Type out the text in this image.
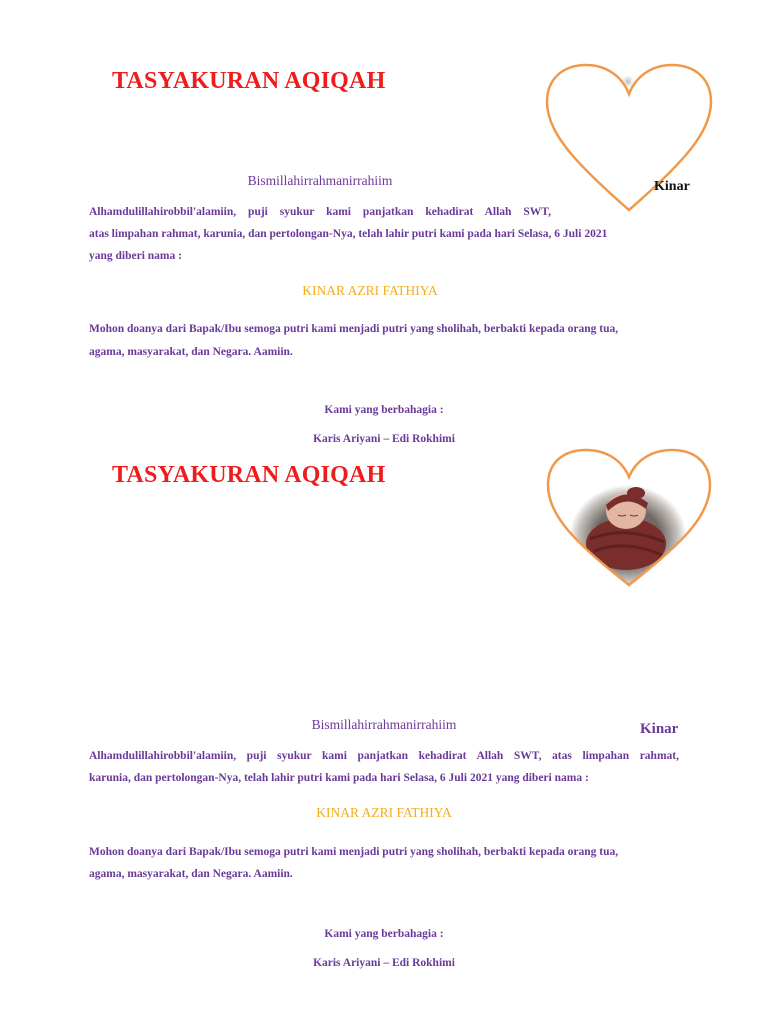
TASYAKURAN AQIQAH
Kinar
Bismillahirrahmanirrahiim
Alhamdulillahirobbil'alamiin, puji syukur kami panjatkan kehadirat Allah SWT,
atas limpahan rahmat, karunia, dan pertolongan-Nya, telah lahir putri kami pada hari Selasa, 6 Juli 2021
yang diberi nama :
KINAR AZRI FATHIYA
Mohon doanya dari Bapak/Ibu semoga putri kami menjadi putri yang sholihah, berbakti kepada orang tua,
agama, masyarakat, dan Negara. Aamiin.
Kami yang berbahagia :
Karis Ariyani – Edi Rokhimi
TASYAKURAN AQIQAH
Bismillahirrahmanirrahiim	Kinar
Alhamdulillahirobbil'alamiin, puji syukur kami panjatkan kehadirat Allah SWT, atas limpahan rahmat,
karunia, dan pertolongan-Nya, telah lahir putri kami pada hari Selasa, 6 Juli 2021 yang diberi nama :
KINAR AZRI FATHIYA
Mohon doanya dari Bapak/Ibu semoga putri kami menjadi putri yang sholihah, berbakti kepada orang tua,
agama, masyarakat, dan Negara. Aamiin.
Kami yang berbahagia :
Karis Ariyani – Edi Rokhimi
